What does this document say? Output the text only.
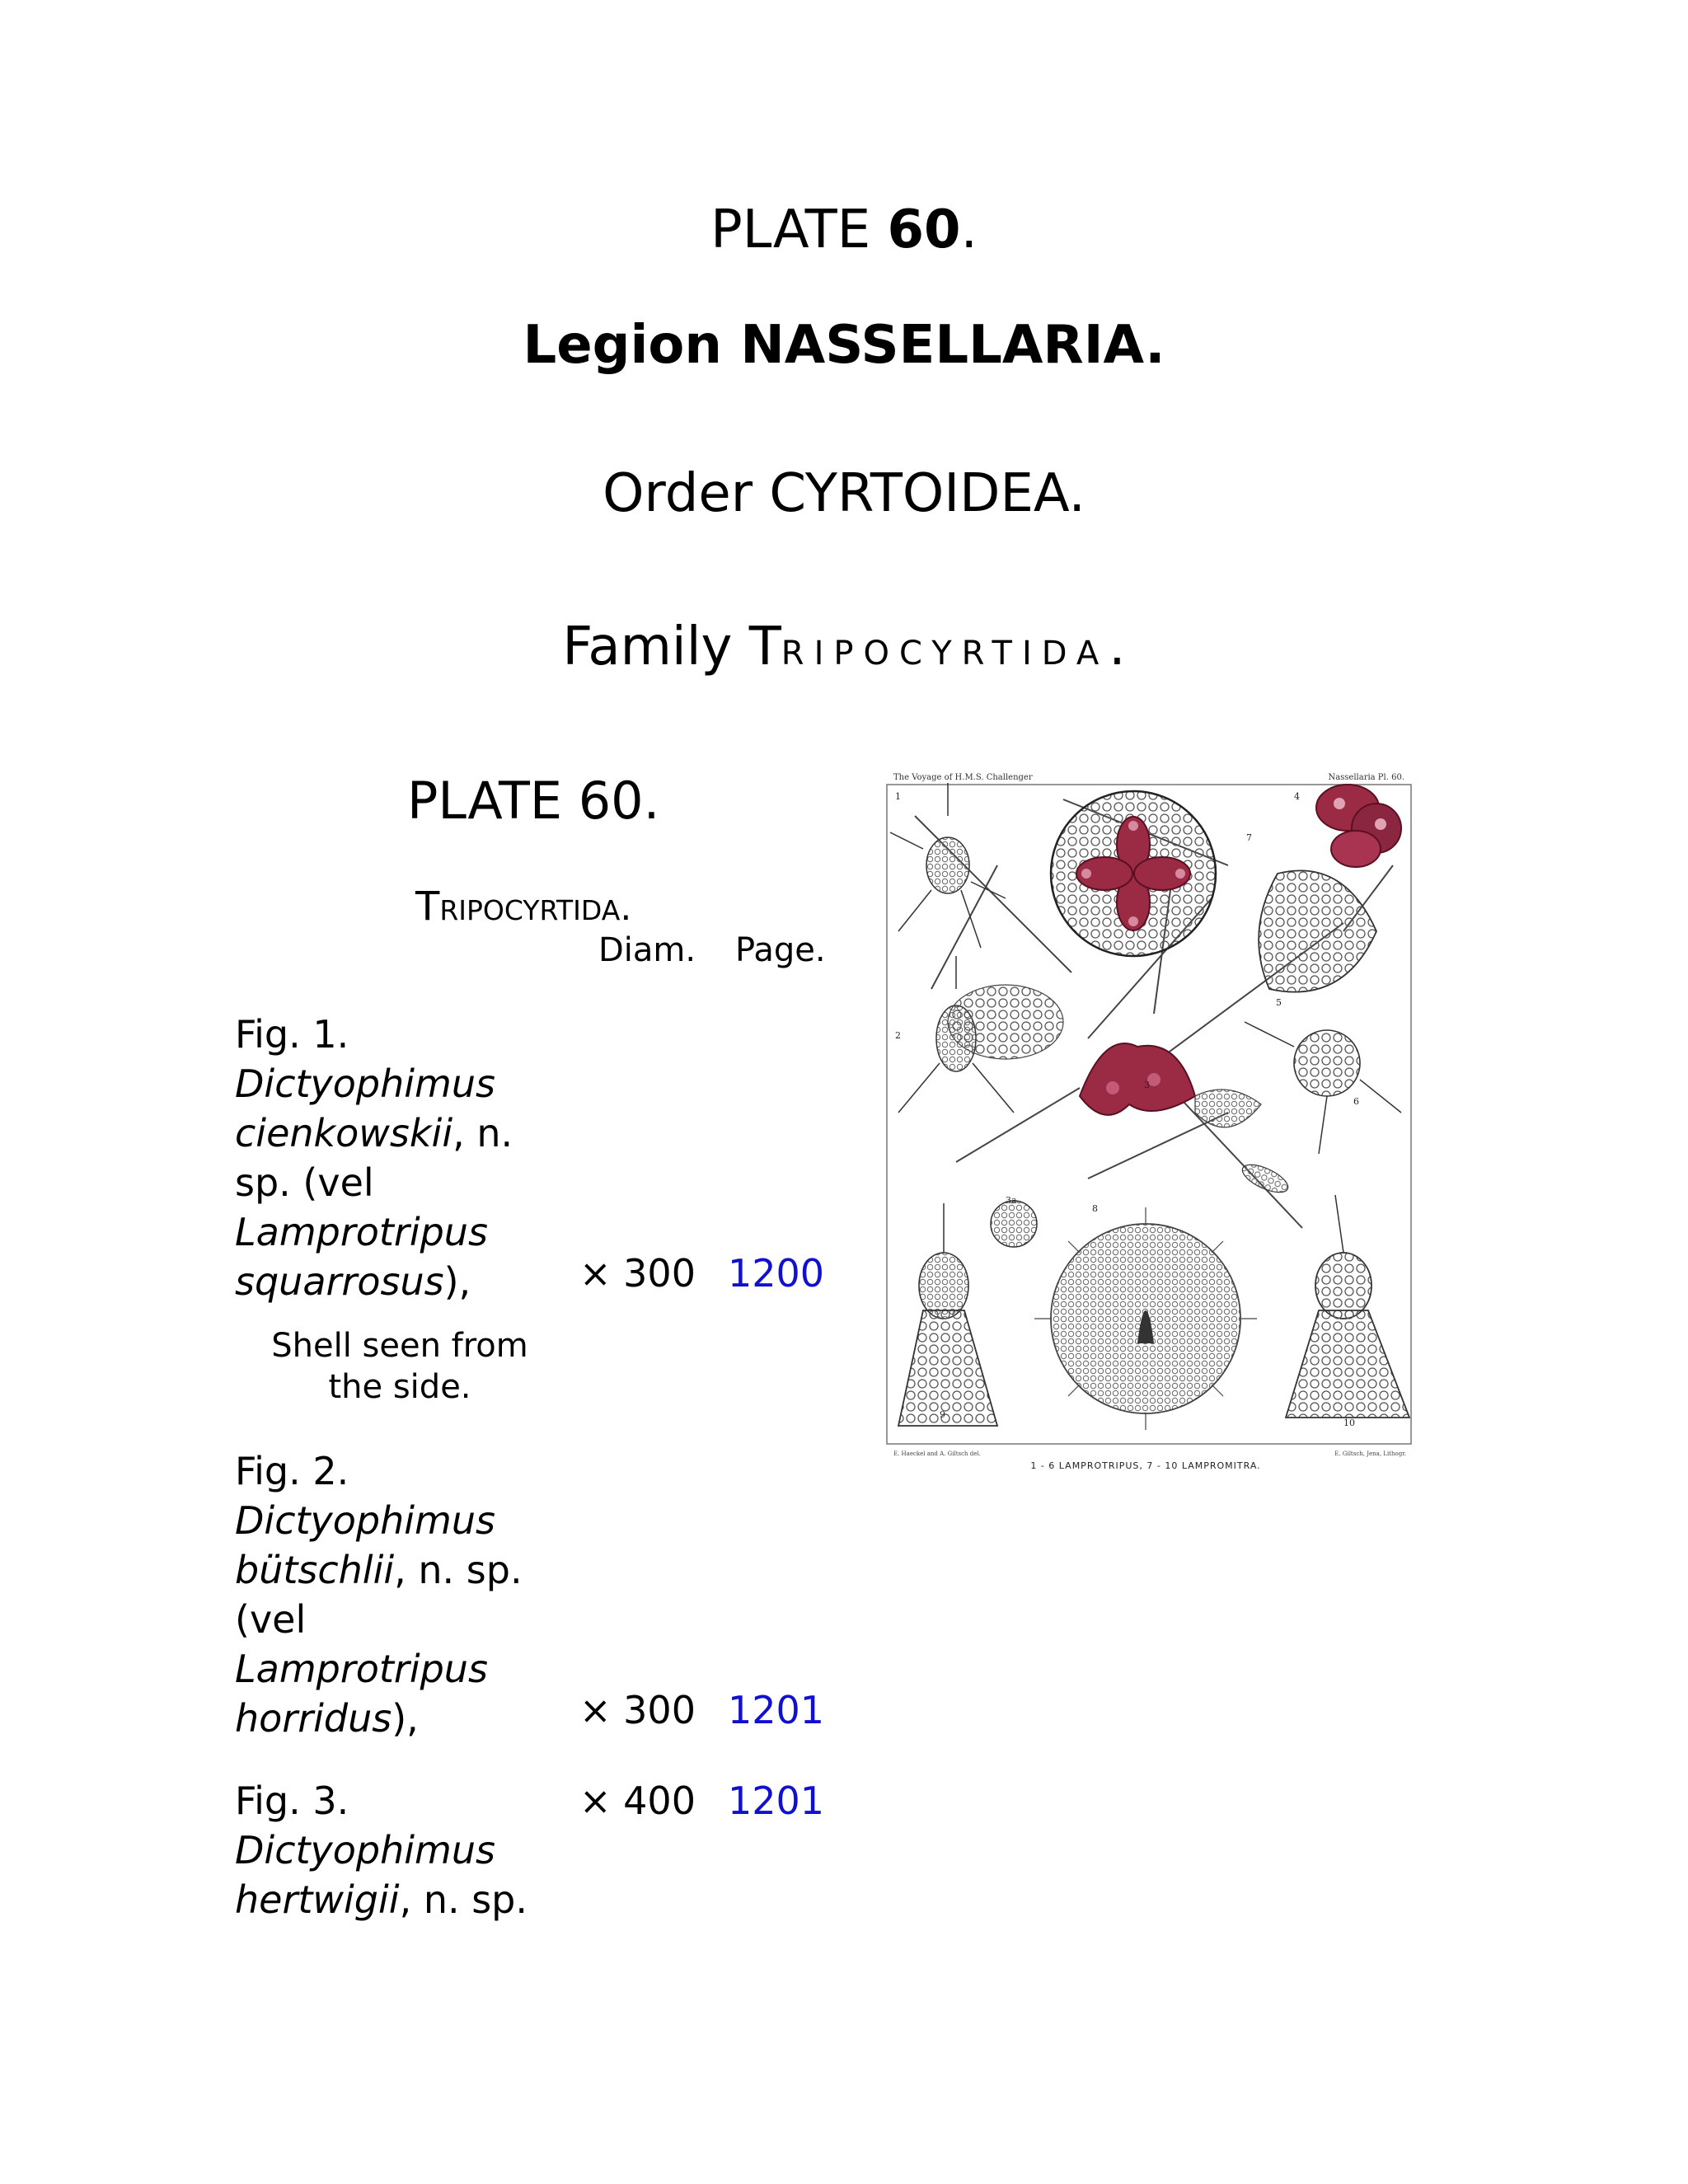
PLATE 60.
Legion NASSELLARIA.
Order CYRTOIDEA.
Family TRIPOCYRTIDA.
PLATE 60.
TRIPOCYRTIDA.
Diam. Page.
Fig. 1.
Dictyophimus
cienkowskii, n.
sp. (vel
Lamprotripus
squarrosus),	× 300 1200
Shell seen from
the side.
Fig. 2.
Dictyophimus
bütschlii, n. sp.
(vel
Lamprotripus
horridus),	× 300 1201
Fig. 3.
Dictyophimus
hertwigii, n. sp.
× 400 1201
The Voyage of H.M.S. Challenger	Nassellaria Pl. 60.
1
2
3
4
5
6
7
8
9
10
3a
E. Haeckel and A. Giltsch del.
1 - 6 LAMPROTRIPUS, 7 - 10 LAMPROMITRA.
E. Giltsch, Jena, Lithogr.
